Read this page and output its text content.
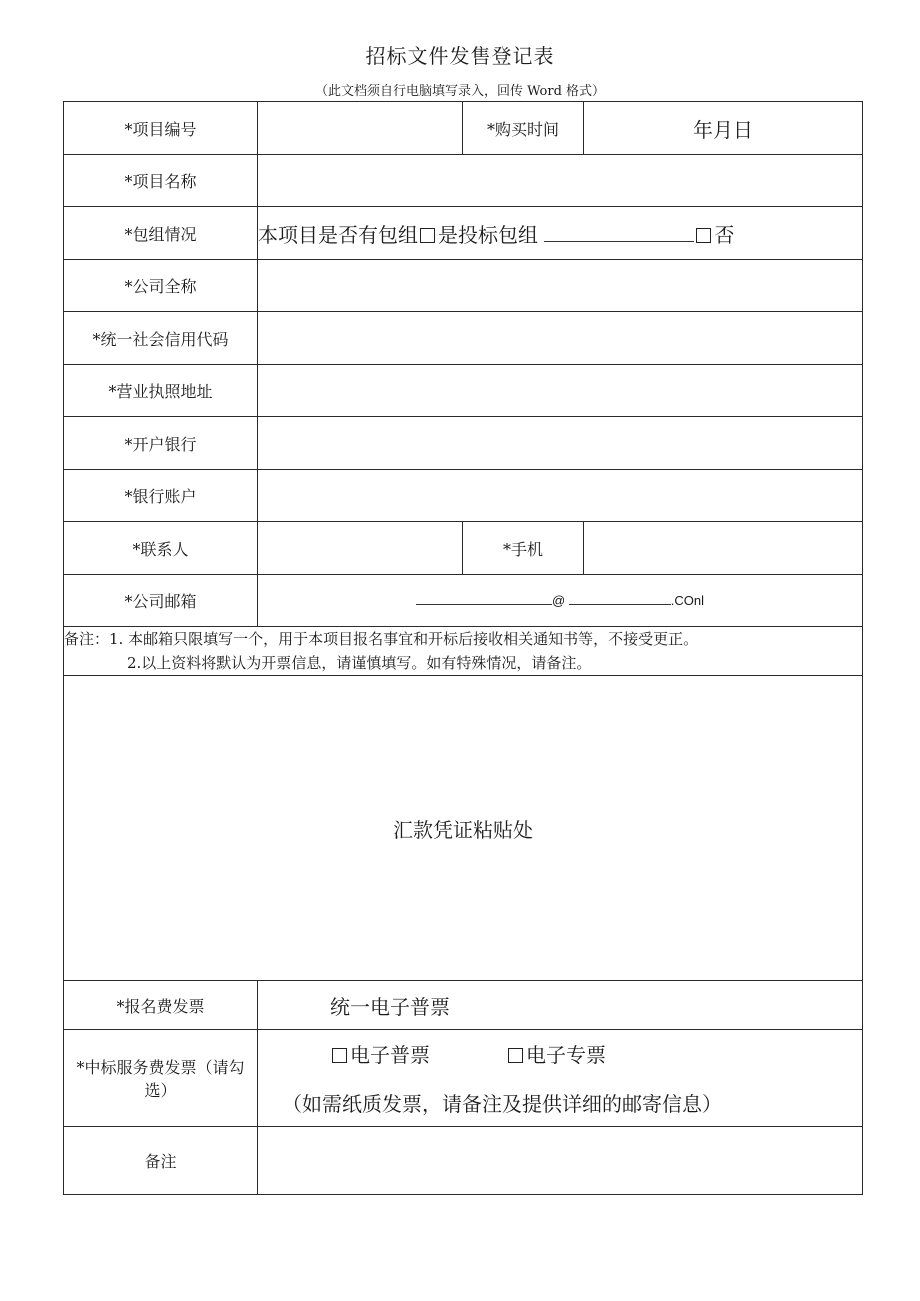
招标文件发售登记表
（此文档须自行电脑填写录入，回传 Word 格式）
*项目编号		*购买时间	年月日
*项目名称			
*包组情况	本项目是否有包组 是投标包组 否		
*公司全称			
*统一社会信用代码			
*营业执照地址			
*开户银行			
*银行账户			
*联系人		*手机	
*公司邮箱	@ .COnl		

备注：1. 本邮箱只限填写一个，用于本项目报名事宜和开标后接收相关通知书等，不接受更正。
2.以上资料将默认为开票信息，请谨慎填写。如有特殊情况，请备注。			

汇款凭证粘贴处			
*报名费发票	统一电子普票		
*中标服务费发票（请勾选）	电子普票 电子专票
（如需纸质发票，请备注及提供详细的邮寄信息）		

备注			
